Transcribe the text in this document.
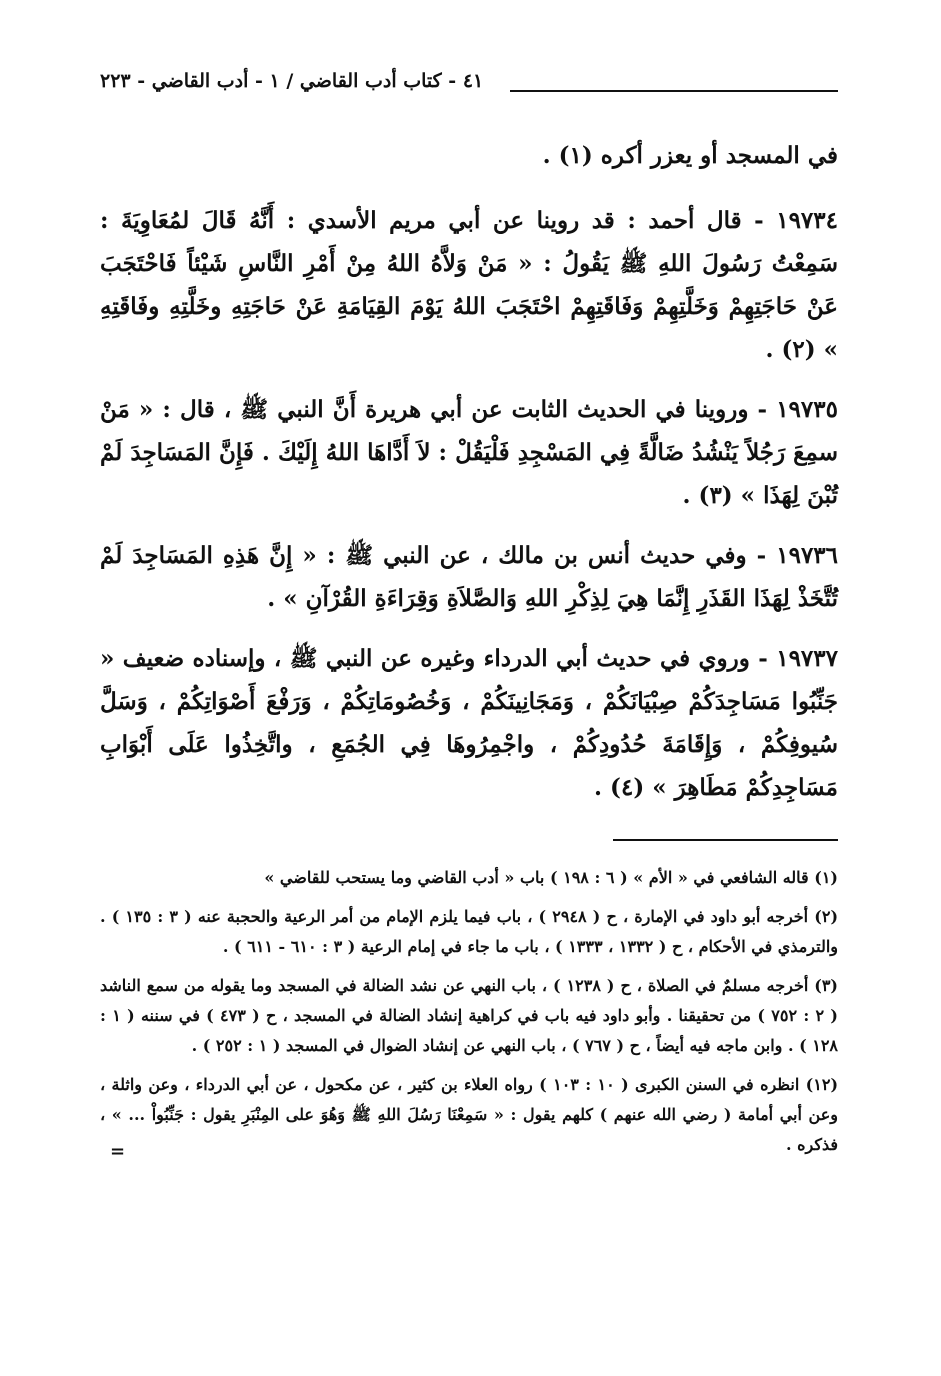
٤١ - كتاب أدب القاضي / ١ - أدب القاضي - ٢٢٣

في المسجد أو يعزر أكره (١) .

١٩٧٣٤ - قال أحمد : قد روينا عن أبي مريم الأسدي : أَنَّهُ قَالَ لمُعَاوِيَةَ : سَمِعْتُ رَسُولَ اللهِ ﷺ يَقُولُ : « مَنْ وَلاَّهُ اللهُ مِنْ أَمْرِ النَّاسِ شَيْئاً فَاحْتَجَبَ عَنْ حَاجَتِهِمْ وَخَلَّتِهِمْ وَفَاقَتِهِمْ احْتَجَبَ اللهُ يَوْمَ القِيَامَةِ عَنْ حَاجَتِهِ وخَلَّتِهِ وفَاقَتِهِ » (٢) .

١٩٧٣٥ - وروينا في الحديث الثابت عن أبي هريرة أَنَّ النبي ﷺ ، قال : « مَنْ سمِعَ رَجُلاً يَنْشُدُ ضَالَّةً فِي المَسْجِدِ فَلْيَقُلْ : لاَ أَدَّاهَا اللهُ إِلَيْكَ . فَإِنَّ المَسَاجِدَ لَمْ تُبْنَ لِهَذَا » (٣) .

١٩٧٣٦ - وفي حديث أنس بن مالك ، عن النبي ﷺ : « إِنَّ هَذِهِ المَسَاجِدَ لَمْ تُتَّخَذْ لِهَذَا القَذَرِ إِنَّمَا هِيَ لِذِكْرِ اللهِ وَالصَّلاَةِ وَقِرَاءَةِ القُرْآنِ » .

١٩٧٣٧ - وروي في حديث أبي الدرداء وغيره عن النبي ﷺ ، وإسناده ضعيف « جَنِّبُوا مَسَاجِدَكُمْ صِبْيَانَكُمْ ، وَمَجَانِينَكُمْ ، وَخُصُومَاتِكُمْ ، وَرَفْعَ أَصْوَاتِكُمْ ، وَسَلَّ سُيوفِكُمْ ، وَإِقَامَةَ حُدُودِكُمْ ، واجْمِرُوهَا فِي الجُمَعِ ، واتَّخِذُوا عَلَى أَبْوَابِ مَسَاجِدِكُمْ مَطَاهِرَ » (٤) .

(١) قاله الشافعي في « الأم » ( ٦ : ١٩٨ ) باب « أدب القاضي وما يستحب للقاضي »

(٢) أخرجه أبو داود في الإمارة ، ح ( ٢٩٤٨ ) ، باب فيما يلزم الإمام من أمر الرعية والحجبة عنه ( ٣ : ١٣٥ ) . والترمذي في الأحكام ، ح ( ١٣٣٢ ، ١٣٣٣ ) ، باب ما جاء في إمام الرعية ( ٣ : ٦١٠ - ٦١١ ) .

(٣) أخرجه مسلمٌ في الصلاة ، ح ( ١٢٣٨ ) ، باب النهي عن نشد الضالة في المسجد وما يقوله من سمع الناشد ( ٢ : ٧٥٢ ) من تحقيقنا . وأبو داود فيه باب في كراهية إنشاد الضالة في المسجد ، ح ( ٤٧٣ ) في سننه ( ١ : ١٢٨ ) . وابن ماجه فيه أيضاً ، ح ( ٧٦٧ ) ، باب النهي عن إنشاد الضوال في المسجد ( ١ : ٢٥٢ ) .

(١٢) انظره في السنن الكبرى ( ١٠ : ١٠٣ ) رواه العلاء بن كثير ، عن مكحول ، عن أبي الدرداء ، وعن واثلة ، وعن أبي أمامة ( رضي الله عنهم ) كلهم يقول : « سَمِعْنَا رَسُلَ اللهِ ﷺ وَهُوَ على المِنْبَرِ يقول : جَنِّبُواْ ... » ، فذكره .

=
